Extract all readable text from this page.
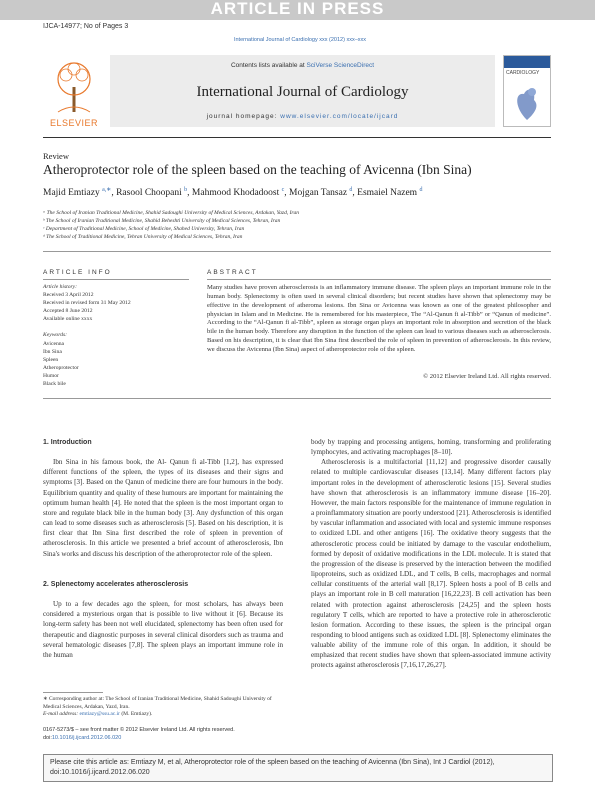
ARTICLE IN PRESS
IJCA-14977; No of Pages 3
International Journal of Cardiology xxx (2012) xxx–xxx
ELSEVIER
Contents lists available at SciVerse ScienceDirect
International Journal of Cardiology
journal homepage: www.elsevier.com/locate/ijcard
CARDIOLOGY
Review
Atheroprotector role of the spleen based on the teaching of Avicenna (Ibn Sina)
Majid Emtiazy $^{a,∗}$, Rasool Choopani $^b$, Mahmood Khodadoost $^c$, Mojgan Tansaz $^d$, Esmaiel Nazem $^d$
ᵃ The School of Iranian Traditional Medicine, Shahid Sadoughi University of Medical Sciences, Ardakan, Yazd, Iran
ᵇ The School of Iranian Traditional Medicine, Shahid Beheshti University of Medical Sciences, Tehran, Iran
ᶜ Department of Traditional Medicine, School of Medicine, Shahed University, Tehran, Iran
ᵈ The School of Traditional Medicine, Tehran University of Medical Sciences, Tehran, Iran
ARTICLE INFO
Article history:
Received 3 April 2012
Received in revised form 31 May 2012
Accepted 8 June 2012
Available online xxxx
Keywords:
Avicenna
Ibn Sina
Spleen
Atheroprotector
Humor
Black bile
ABSTRACT
Many studies have proven atherosclerosis is an inflammatory immune disease. The spleen plays an important immune role in the human body. Splenectomy is often used in several clinical disorders; but recent studies have shown that splenectomy may be effective in the development of atheroma lesions. Ibn Sina or Avicenna was known as one of the greatest philosopher and physician in Islam and in Medicine. He is remembered for his masterpiece, The “Al-Qanun fi al-Tibb” or “Qanun of medicine”. According to the “Al-Qanun fi al-Tibb”, spleen as storage organ plays an important role in absorption and secretion of the black bile in the human body. Therefore any disruption in the function of the spleen can lead to various diseases such as atherosclerosis. Based on his description, it is clear that Ibn Sina first described the role of spleen in prevention of atherosclerosis. In this review, we discuss the Avicenna (Ibn Sina) aspect of atheroprotector role of the spleen.
© 2012 Elsevier Ireland Ltd. All rights reserved.

1. Introduction

Ibn Sina in his famous book, the Al- Qanun fi al-Tibb [1,2], has expressed different functions of the spleen, the types of its diseases and their signs and symptoms [3]. Based on the Qanun of medicine there are four humours in the body. Equilibrium quantity and quality of these humours are important for maintaining the optimum human health [4]. He noted that the spleen is the most important organ to store and regulate black bile in the human body [3]. Any dysfunction of this organ can lead to some diseases such as atherosclerosis [5]. Based on his description, it is first clear that Ibn Sina first described the role of spleen in prevention of atherosclerosis. In this article we presented a brief account of atherosclerosis, Ibn Sina's works and discuss his description of the atheroprotector role of the spleen.

2. Splenectomy accelerates atherosclerosis

Up to a few decades ago the spleen, for most scholars, has always been considered a mysterious organ that is possible to live without it [6]. Because its long-term safety has been not well elucidated, splenectomy has been often used for therapeutic and diagnostic purposes in several clinical disorders such as trauma and several hematologic diseases [7,8]. The spleen plays an important immune role in the human

body by trapping and processing antigens, homing, transforming and proliferating lymphocytes, and activating macrophages [8–10].

Atherosclerosis is a multifactorial [11,12] and progressive disorder causally related to multiple cardiovascular diseases [13,14]. Many different factors play important roles in the development of atherosclerotic lesions [15]. Several studies have shown that atherosclerosis is an inflammatory immune disease [16–20]. However, the main factors responsible for the maintenance of immune regulation in a proinflammatory situation are poorly understood [21]. Atherosclerosis is identified by vascular inflammation and associated with local and systemic immune responses to oxidized LDL and other antigens [16]. The oxidative theory suggests that the atherosclerotic process could be initiated by damage to the vascular endothelium, formed by deposit of oxidative modifications in the LDL molecule. It is stated that the progression of the disease is preserved by the interaction between the modified lipoproteins, such as oxidized LDL, and T cells, B cells, macrophages and normal cellular constituents of the arterial wall [8,17]. Spleen hosts a pool of B cells and plays an important role in B cell maturation [16,22,23]. B cell activation has been related with protection against atherosclerosis [24,25] and the spleen hosts regulatory T cells, which are reported to have a protective role in atherosclerotic lesion formation. According to these issues, the spleen is the principal organ responding to blood antigens such as oxidized LDL [8]. Splenectomy eliminates the valuable ability of the immune role of this organ. In addition, it should be emphasized that recent studies have shown that spleen-associated immune activity protects against atherosclerosis [7,16,17,26,27].

∗ Corresponding author at: The School of Iranian Traditional Medicine, Shahid Sadoughi University of Medical Sciences, Ardakan, Yazd, Iran.
E-mail address: emtiazy@ssu.ac.ir (M. Emtiazy).
0167-5273/$ – see front matter © 2012 Elsevier Ireland Ltd. All rights reserved.
doi:10.1016/j.ijcard.2012.06.020
Please cite this article as: Emtiazy M, et al, Atheroprotector role of the spleen based on the teaching of Avicenna (Ibn Sina), Int J Cardiol (2012), doi:10.1016/j.ijcard.2012.06.020
